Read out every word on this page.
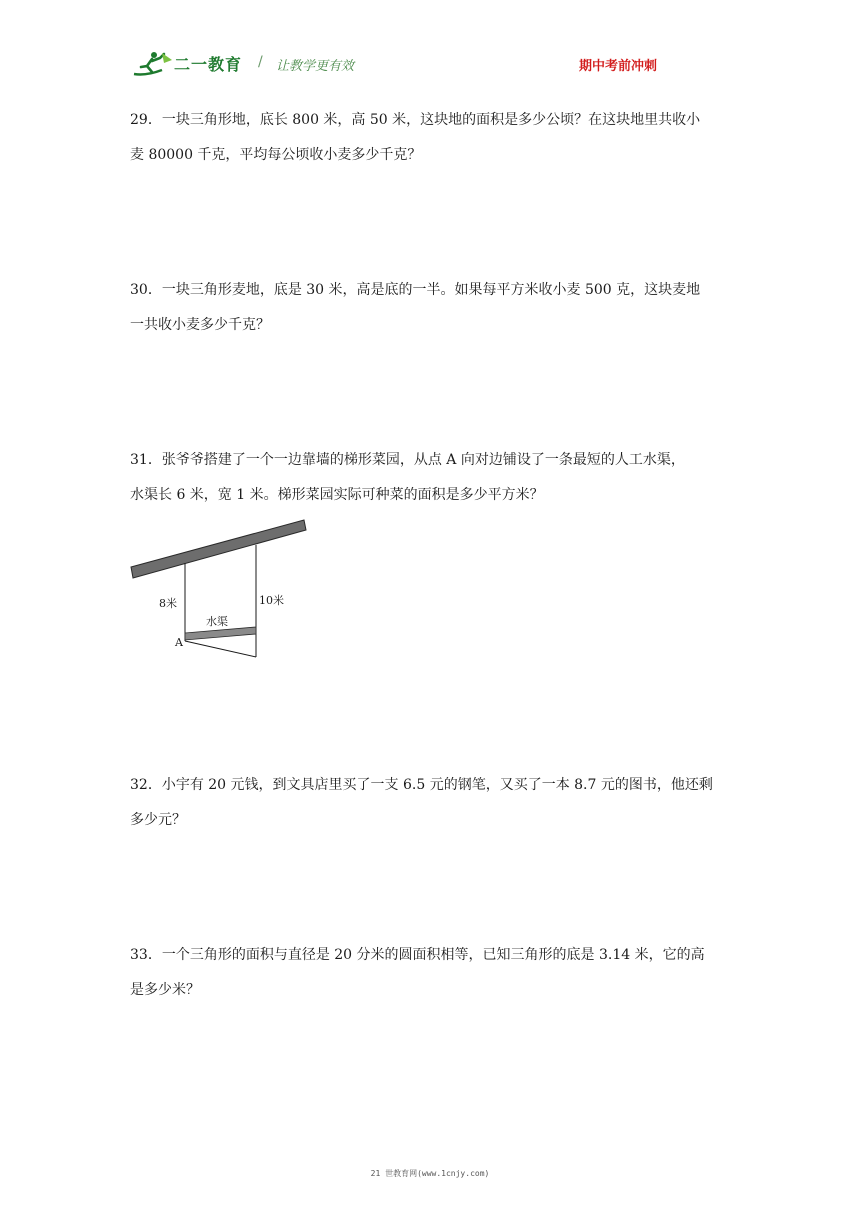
二一教育 / 让教学更有效	期中考前冲刺
29．一块三角形地，底长 800 米，高 50 米，这块地的面积是多少公顷？在这块地里共收小
麦 80000 千克，平均每公顷收小麦多少千克？
30．一块三角形麦地，底是 30 米，高是底的一半。如果每平方米收小麦 500 克，这块麦地
一共收小麦多少千克？
31．张爷爷搭建了一个一边靠墙的梯形菜园，从点 A 向对边铺设了一条最短的人工水渠，
水渠长 6 米，宽 1 米。梯形菜园实际可种菜的面积是多少平方米？
8米	10米
水渠
A
32．小宇有 20 元钱，到文具店里买了一支 6.5 元的钢笔，又买了一本 8.7 元的图书，他还剩
多少元？
33．一个三角形的面积与直径是 20 分米的圆面积相等，已知三角形的底是 3.14 米，它的高
是多少米？
21 世教育网(www.1cnjy.com)
